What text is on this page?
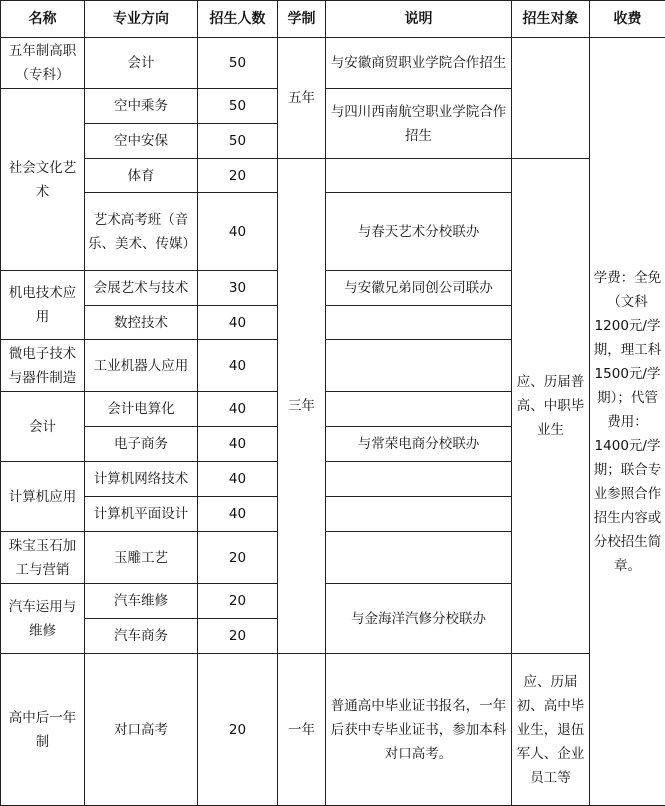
名称	专业方向	招生人数	学制	说明	招生对象	收费
五年制高职（专科）	会计	50	五年	与安徽商贸职业学院合作招生		学费：全免（文科1200元/学期，理工科1500元/学期）；代管费用：1400元/学期；联合专业参照合作招生内容或分校招生简章。
社会文化艺术	空中乘务	50		与四川西南航空职业学院合作招生		
	空中安保	50				
	体育	20	三年		应、历届普高、中职毕业生	
	艺术高考班（音乐、美术、传媒）	40		与春天艺术分校联办		
机电技术应用	会展艺术与技术	30		与安徽兄弟同创公司联办		
	数控技术	40				
微电子技术与器件制造	工业机器人应用	40				
会计	会计电算化	40				
	电子商务	40		与常荣电商分校联办		
计算机应用	计算机网络技术	40				
	计算机平面设计	40				
珠宝玉石加工与营销	玉雕工艺	20				
汽车运用与维修	汽车维修	20		与金海洋汽修分校联办		
	汽车商务	20				
高中后一年制	对口高考	20	一年	普通高中毕业证书报名，一年后获中专毕业证书，参加本科对口高考。	应、历届初、高中毕业生，退伍军人、企业员工等	
